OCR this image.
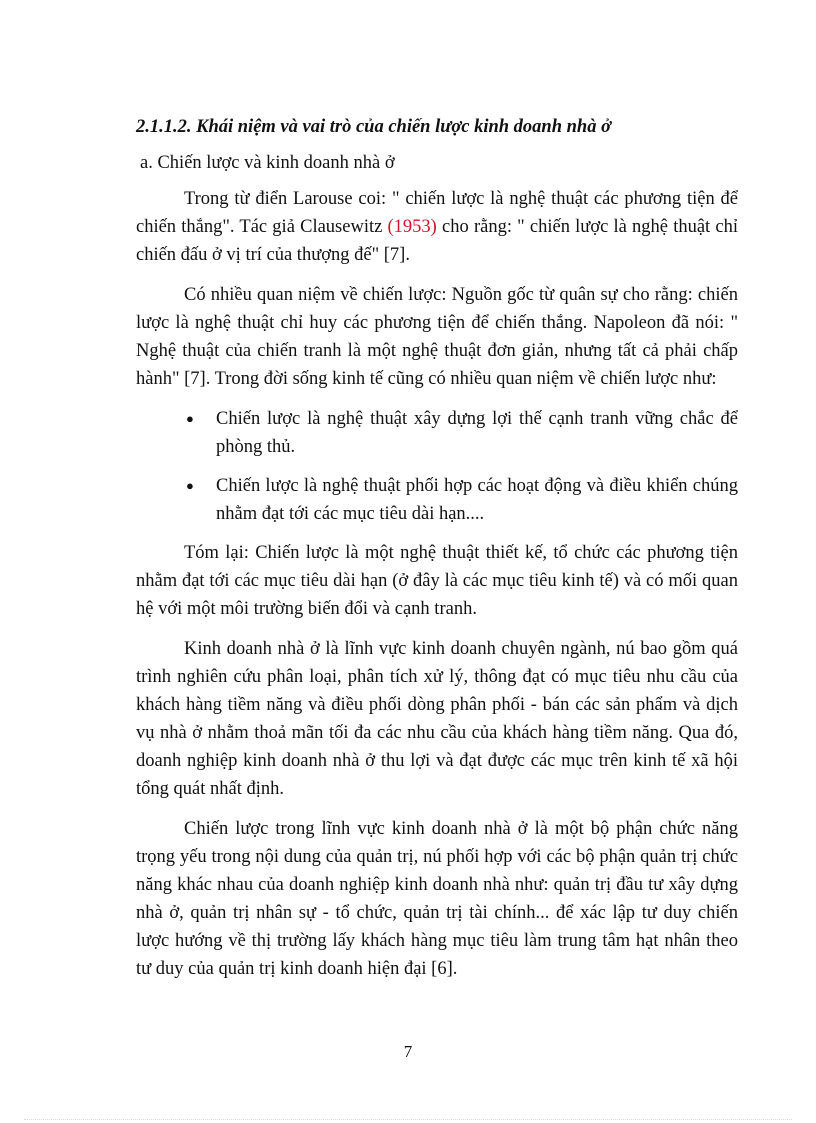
2.1.1.2. Khái niệm và vai trò của chiến lược kinh doanh nhà ở
a. Chiến lược và kinh doanh nhà ở

Trong từ điển Larouse coi: " chiến lược là nghệ thuật các phương tiện để chiến thắng". Tác giả Clausewitz (1953) cho rằng: " chiến lược là nghệ thuật chỉ chiến đấu ở vị trí của thượng đế" [7].

Có nhiều quan niệm về chiến lược: Nguồn gốc từ quân sự cho rằng: chiến lược là nghệ thuật chỉ huy các phương tiện để chiến thắng. Napoleon đã nói: " Nghệ thuật của chiến tranh là một nghệ thuật đơn giản, nhưng tất cả phải chấp hành" [7]. Trong đời sống kinh tế cũng có nhiều quan niệm về chiến lược như:

● Chiến lược là nghệ thuật xây dựng lợi thế cạnh tranh vững chắc để phòng thủ.
● Chiến lược là nghệ thuật phối hợp các hoạt động và điều khiển chúng nhằm đạt tới các mục tiêu dài hạn....

Tóm lại: Chiến lược là một nghệ thuật thiết kế, tổ chức các phương tiện nhằm đạt tới các mục tiêu dài hạn (ở đây là các mục tiêu kinh tế) và có mối quan hệ với một môi trường biến đổi và cạnh tranh.

Kinh doanh nhà ở là lĩnh vực kinh doanh chuyên ngành, nú bao gồm quá trình nghiên cứu phân loại, phân tích xử lý, thông đạt có mục tiêu nhu cầu của khách hàng tiềm năng và điều phối dòng phân phối - bán các sản phẩm và dịch vụ nhà ở nhằm thoả mãn tối đa các nhu cầu của khách hàng tiềm năng. Qua đó, doanh nghiệp kinh doanh nhà ở thu lợi và đạt được các mục trên kinh tế xã hội tổng quát nhất định.

Chiến lược trong lĩnh vực kinh doanh nhà ở là một bộ phận chức năng trọng yếu trong nội dung của quản trị, nú phối hợp với các bộ phận quản trị chức năng khác nhau của doanh nghiệp kinh doanh nhà như: quản trị đầu tư xây dựng nhà ở, quản trị nhân sự - tổ chức, quản trị tài chính... để xác lập tư duy chiến lược hướng về thị trường lấy khách hàng mục tiêu làm trung tâm hạt nhân theo tư duy của quản trị kinh doanh hiện đại [6].

7
